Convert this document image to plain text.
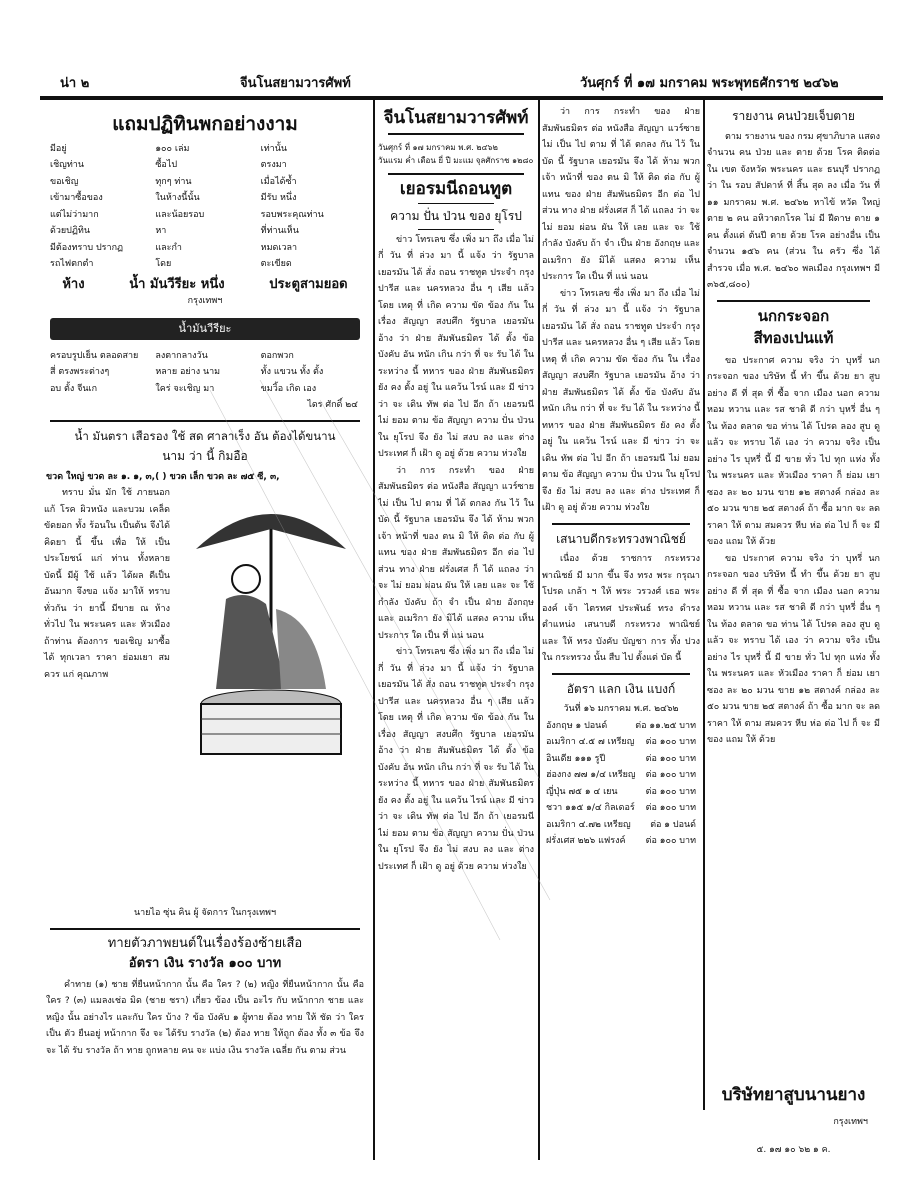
น่า ๒	จีนโนสยามวารศัพท์	วันศุกร์ ที่ ๑๗ มกราคม พระพุทธศักราช ๒๔๖๒
แถมปฏิทินพกอย่างงาม
มีอยู่	๑๐๐ เล่ม	เท่านั้น
เชิญท่าน	ซื้อไป	ตรงมา
ขอเชิญ	ทุกๆ ท่าน	เมื่อได้ซ้ำ
เข้ามาซื้อของ	ในห้างนี้นั้น	มีรับ หนึ่ง
แต่ไม่ว่ามาก	และน้อยรอบ	รอบพระคุณท่าน
ด้วยปฏิทิน	หา	ที่ท่านเห็น
มีต้องทราบ ปรากฏ	และกำ	หมดเวลา
รถไฟตกตำ	โดย	ตะเขียด
ห้าง	น้ำ มันวีรียะ หนึ่ง	ประตูสามยอด
กรุงเทพฯ
น้ำมันวีรียะ
ครอบรูปเย็น ตลอดสาย	ลงตากลางวัน	ตอกพวก
สี่ ตรงพระต่างๆ	หลาย อย่าง นาม	ทั้ง แขวน ทั้ง ตั้ง
อบ ตั้ง จีนเก	ใคร่ จะเชิญ มา	ขมวิ้อ เกิด เอง
ไดร ศักดิ์ ๒๔
น้ำ มันตรา เสือรอง ใช้ สด ศาลาเร็ง อัน ต้องได้ขนาน
นาม ว่า นี้ กิมอือ
ขวด ใหญ่ ขวด ละ ๑. ๑, ๓,( ) ขวด เล็ก ขวด ละ ๗๕ ซี, ๓,

ทราบ มั่น มัก ใช้ ภายนอกแก้ โรค ผิวหนัง และบวม เคล็ด ขัดยอก ทั้ง ร้อนใน เป็นต้น จึงได้ คิดยา นี้ ขึ้น เพื่อ ให้ เป็น ประโยชน์ แก่ ท่าน ทั้งหลาย บัดนี้ มีผู้ ใช้ แล้ว ได้ผล ดีเป็น อันมาก จึงขอ แจ้ง มาให้ ทราบ ทั่วกัน ว่า ยานี้ มีขาย ณ ห้าง ทั่วไป ใน พระนคร และ หัวเมือง ถ้าท่าน ต้องการ ขอเชิญ มาซื้อ ได้ ทุกเวลา ราคา ย่อมเยา สม ควร แก่ คุณภาพ

นายไอ ซุ่น คิน ผู้ จัดการ ในกรุงเทพฯ
ทายตัวภาพยนต์ในเรื่องร้องซ้ายเสือ
อัตรา เงิน รางวัล ๑๐๐ บาท

คำทาย (๑) ชาย ที่ยืนหน้ากาก นั้น คือ ใคร ? (๒) หญิง ที่ยืนหน้ากาก นั้น คือ ใคร ? (๓) แมลงเช่อ มิด (ชาย ชรา) เกี่ยว ข้อง เป็น อะไร กับ หน้ากาก ชาย และ หญิง นั้น อย่างไร และกับ ใคร บ้าง ? ข้อ บังคับ ๑ ผู้ทาย ต้อง ทาย ให้ ชัด ว่า ใคร เป็น ตัว ยืนอยู่ หน้ากาก จึง จะ ได้รับ รางวัล (๒) ต้อง ทาย ให้ถูก ต้อง ทั้ง ๓ ข้อ จึง จะ ได้ รับ รางวัล ถ้า ทาย ถูกหลาย คน จะ แบ่ง เงิน รางวัล เฉลี่ย กัน ตาม ส่วน

จีนโนสยามวารศัพท์
วันศุกร์ ที่ ๑๗ มกราคม พ.ศ. ๒๔๖๒
วันแรม ค่ำ เดือน ยี่ ปี มะแม จุลศักราช ๑๒๘๐
เยอรมนีถอนทูต
ความ ปั่น ป่วน ของ ยุโรป

ข่าว โทรเลข ซึ่ง เพิ่ง มา ถึง เมื่อ ไม่ กี่ วัน ที่ ล่วง มา นี้ แจ้ง ว่า รัฐบาล เยอรมัน ได้ สั่ง ถอน ราชทูต ประจำ กรุง ปารีส และ นครหลวง อื่น ๆ เสีย แล้ว โดย เหตุ ที่ เกิด ความ ขัด ข้อง กัน ใน เรื่อง สัญญา สงบศึก รัฐบาล เยอรมัน อ้าง ว่า ฝ่าย สัมพันธมิตร ได้ ตั้ง ข้อ บังคับ อัน หนัก เกิน กว่า ที่ จะ รับ ได้ ใน ระหว่าง นี้ ทหาร ของ ฝ่าย สัมพันธมิตร ยัง คง ตั้ง อยู่ ใน แคว้น ไรน์ และ มี ข่าว ว่า จะ เดิน ทัพ ต่อ ไป อีก ถ้า เยอรมนี ไม่ ยอม ตาม ข้อ สัญญา ความ ปั่น ป่วน ใน ยุโรป จึง ยัง ไม่ สงบ ลง และ ต่าง ประเทศ ก็ เฝ้า ดู อยู่ ด้วย ความ ห่วงใย

ว่า การ กระทำ ของ ฝ่าย สัมพันธมิตร ต่อ หนังสือ สัญญา แวร์ซาย ไม่ เป็น ไป ตาม ที่ ได้ ตกลง กัน ไว้ ใน บัด นี้ รัฐบาล เยอรมัน จึง ได้ ห้าม พวก เจ้า หน้าที่ ของ ตน มิ ให้ ติด ต่อ กับ ผู้ แทน ของ ฝ่าย สัมพันธมิตร อีก ต่อ ไป ส่วน ทาง ฝ่าย ฝรั่งเศส ก็ ได้ แถลง ว่า จะ ไม่ ยอม ผ่อน ผัน ให้ เลย และ จะ ใช้ กำลัง บังคับ ถ้า จำ เป็น ฝ่าย อังกฤษ และ อเมริกา ยัง มิได้ แสดง ความ เห็น ประการ ใด เป็น ที่ แน่ นอน

ข่าว โทรเลข ซึ่ง เพิ่ง มา ถึง เมื่อ ไม่ กี่ วัน ที่ ล่วง มา นี้ แจ้ง ว่า รัฐบาล เยอรมัน ได้ สั่ง ถอน ราชทูต ประจำ กรุง ปารีส และ นครหลวง อื่น ๆ เสีย แล้ว โดย เหตุ ที่ เกิด ความ ขัด ข้อง กัน ใน เรื่อง สัญญา สงบศึก รัฐบาล เยอรมัน อ้าง ว่า ฝ่าย สัมพันธมิตร ได้ ตั้ง ข้อ บังคับ อัน หนัก เกิน กว่า ที่ จะ รับ ได้ ใน ระหว่าง นี้ ทหาร ของ ฝ่าย สัมพันธมิตร ยัง คง ตั้ง อยู่ ใน แคว้น ไรน์ และ มี ข่าว ว่า จะ เดิน ทัพ ต่อ ไป อีก ถ้า เยอรมนี ไม่ ยอม ตาม ข้อ สัญญา ความ ปั่น ป่วน ใน ยุโรป จึง ยัง ไม่ สงบ ลง และ ต่าง ประเทศ ก็ เฝ้า ดู อยู่ ด้วย ความ ห่วงใย

ว่า การ กระทำ ของ ฝ่าย สัมพันธมิตร ต่อ หนังสือ สัญญา แวร์ซาย ไม่ เป็น ไป ตาม ที่ ได้ ตกลง กัน ไว้ ใน บัด นี้ รัฐบาล เยอรมัน จึง ได้ ห้าม พวก เจ้า หน้าที่ ของ ตน มิ ให้ ติด ต่อ กับ ผู้ แทน ของ ฝ่าย สัมพันธมิตร อีก ต่อ ไป ส่วน ทาง ฝ่าย ฝรั่งเศส ก็ ได้ แถลง ว่า จะ ไม่ ยอม ผ่อน ผัน ให้ เลย และ จะ ใช้ กำลัง บังคับ ถ้า จำ เป็น ฝ่าย อังกฤษ และ อเมริกา ยัง มิได้ แสดง ความ เห็น ประการ ใด เป็น ที่ แน่ นอน

ข่าว โทรเลข ซึ่ง เพิ่ง มา ถึง เมื่อ ไม่ กี่ วัน ที่ ล่วง มา นี้ แจ้ง ว่า รัฐบาล เยอรมัน ได้ สั่ง ถอน ราชทูต ประจำ กรุง ปารีส และ นครหลวง อื่น ๆ เสีย แล้ว โดย เหตุ ที่ เกิด ความ ขัด ข้อง กัน ใน เรื่อง สัญญา สงบศึก รัฐบาล เยอรมัน อ้าง ว่า ฝ่าย สัมพันธมิตร ได้ ตั้ง ข้อ บังคับ อัน หนัก เกิน กว่า ที่ จะ รับ ได้ ใน ระหว่าง นี้ ทหาร ของ ฝ่าย สัมพันธมิตร ยัง คง ตั้ง อยู่ ใน แคว้น ไรน์ และ มี ข่าว ว่า จะ เดิน ทัพ ต่อ ไป อีก ถ้า เยอรมนี ไม่ ยอม ตาม ข้อ สัญญา ความ ปั่น ป่วน ใน ยุโรป จึง ยัง ไม่ สงบ ลง และ ต่าง ประเทศ ก็ เฝ้า ดู อยู่ ด้วย ความ ห่วงใย

เสนาบดีกระทรวงพาณิชย์

เนื่อง ด้วย ราชการ กระทรวง พาณิชย์ มี มาก ขึ้น จึง ทรง พระ กรุณา โปรด เกล้า ฯ ให้ พระ วรวงศ์ เธอ พระ องค์ เจ้า ไตรทศ ประพันธ์ ทรง ดำรง ตำแหน่ง เสนาบดี กระทรวง พาณิชย์ และ ให้ ทรง บังคับ บัญชา การ ทั้ง ปวง ใน กระทรวง นั้น สืบ ไป ตั้งแต่ บัด นี้

อัตรา แลก เงิน แบงก์
วันที่ ๑๖ มกราคม พ.ศ. ๒๔๖๒
อังกฤษ ๑ ปอนด์	ต่อ ๑๑.๒๕ บาท
อเมริกา ๔.๕ ๗ เหรียญ ต่อ ๑๐๐ บาท
อินเดีย ๑๑๑ รูปี	ต่อ ๑๐๐ บาท
ฮ่องกง ๗๗ ๑/๔ เหรียญ ต่อ ๑๐๐ บาท
ญี่ปุ่น ๗๕ ๑ ๔ เยน	ต่อ ๑๐๐ บาท
ชวา ๑๑๕ ๑/๔ กิลเดอร์ ต่อ ๑๐๐ บาท
อเมริกา ๔.๗๒ เหรียญ ต่อ ๑ ปอนด์
ฝรั่งเศส ๒๒๖ แฟรงค์ ต่อ ๑๐๐ บาท
รายงาน คนป่วยเจ็บตาย

ตาม รายงาน ของ กรม ศุขาภิบาล แสดง จำนวน คน ป่วย และ ตาย ด้วย โรค ติดต่อ ใน เขต จังหวัด พระนคร และ ธนบุรี ปรากฏ ว่า ใน รอบ สัปดาห์ ที่ สิ้น สุด ลง เมื่อ วัน ที่ ๑๑ มกราคม พ.ศ. ๒๔๖๒ หาไข้ หวัด ใหญ่ ตาย ๒ คน อหิวาตกโรค ไม่ มี ฝีดาษ ตาย ๑ คน ตั้งแต่ ต้นปี ตาย ด้วย โรค อย่างอื่น เป็น จำนวน ๑๕๖ คน (ส่วน ใน ครัว ซึ่ง ได้ สำรวจ เมื่อ พ.ศ. ๒๔๖๐ พลเมือง กรุงเทพฯ มี ๓๖๕,๘๐๐)

นกกระจอก
สีทองเปนแท้

ขอ ประกาศ ความ จริง ว่า บุหรี่ นกกระจอก ของ บริษัท นี้ ทำ ขึ้น ด้วย ยา สูบ อย่าง ดี ที่ สุด ที่ ซื้อ จาก เมือง นอก ความ หอม หวาน และ รส ชาติ ดี กว่า บุหรี่ อื่น ๆ ใน ท้อง ตลาด ขอ ท่าน ได้ โปรด ลอง สูบ ดู แล้ว จะ ทราบ ได้ เอง ว่า ความ จริง เป็น อย่าง ไร บุหรี่ นี้ มี ขาย ทั่ว ไป ทุก แห่ง ทั้ง ใน พระนคร และ หัวเมือง ราคา ก็ ย่อม เยา ซอง ละ ๒๐ มวน ขาย ๑๒ สตางค์ กล่อง ละ ๕๐ มวน ขาย ๒๕ สตางค์ ถ้า ซื้อ มาก จะ ลด ราคา ให้ ตาม สมควร หีบ ห่อ ต่อ ไป ก็ จะ มี ของ แถม ให้ ด้วย

ขอ ประกาศ ความ จริง ว่า บุหรี่ นกกระจอก ของ บริษัท นี้ ทำ ขึ้น ด้วย ยา สูบ อย่าง ดี ที่ สุด ที่ ซื้อ จาก เมือง นอก ความ หอม หวาน และ รส ชาติ ดี กว่า บุหรี่ อื่น ๆ ใน ท้อง ตลาด ขอ ท่าน ได้ โปรด ลอง สูบ ดู แล้ว จะ ทราบ ได้ เอง ว่า ความ จริง เป็น อย่าง ไร บุหรี่ นี้ มี ขาย ทั่ว ไป ทุก แห่ง ทั้ง ใน พระนคร และ หัวเมือง ราคา ก็ ย่อม เยา ซอง ละ ๒๐ มวน ขาย ๑๒ สตางค์ กล่อง ละ ๕๐ มวน ขาย ๒๕ สตางค์ ถ้า ซื้อ มาก จะ ลด ราคา ให้ ตาม สมควร หีบ ห่อ ต่อ ไป ก็ จะ มี ของ แถม ให้ ด้วย

บริษัทยาสูบนานยาง
กรุงเทพฯ
๕. ๑๗ ๑๐ ๖๒ ๑ ค.
